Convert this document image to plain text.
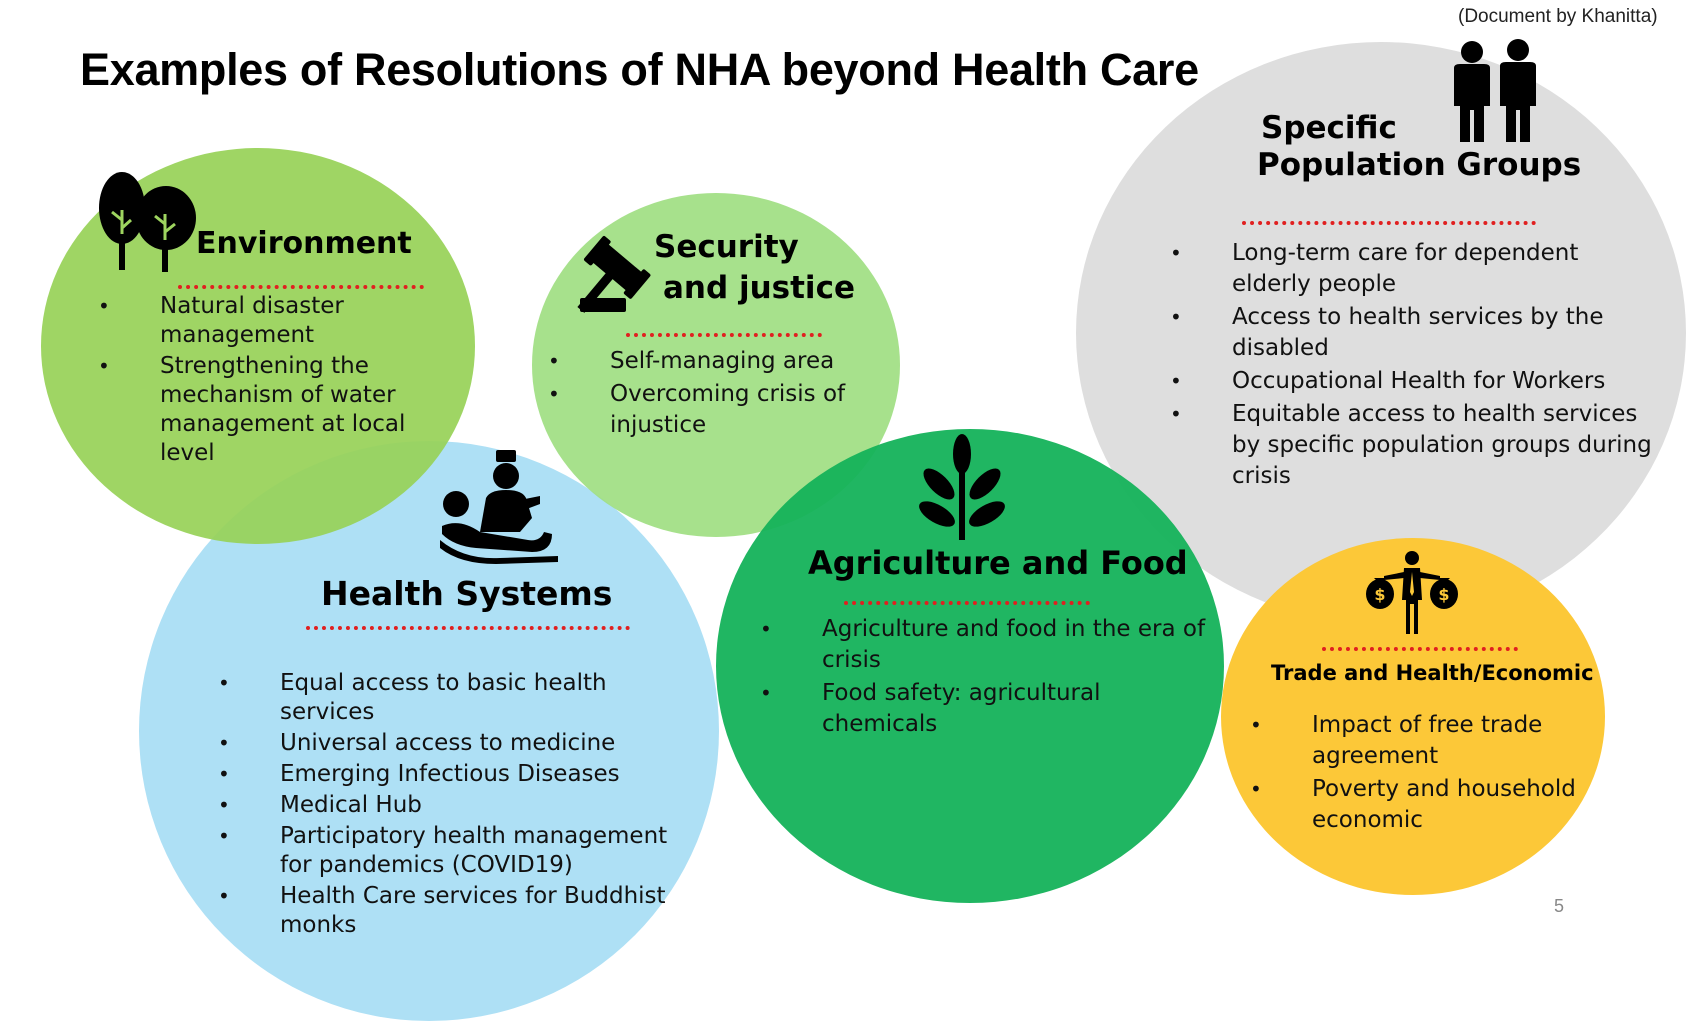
(Document by Khanitta)
Examples of Resolutions of NHA beyond Health Care
Environment
• Natural disaster management
• Strengthening the mechanism of water management at local level
Security
and justice
• Self-managing area
• Overcoming crisis of injustice
Health Systems
• Equal access to basic health services
• Universal access to medicine
• Emerging Infectious Diseases
• Medical Hub
• Participatory health management for pandemics (COVID19)
• Health Care services for Buddhist monks
Agriculture and Food
• Agriculture and food in the era of crisis
• Food safety: agricultural chemicals
Specific
Population Groups
• Long-term care for dependent elderly people
• Access to health services by the disabled
• Occupational Health for Workers
• Equitable access to health services by specific population groups during crisis
$	$
Trade and Health/Economic
• Impact of free trade agreement
• Poverty and household economic
5
